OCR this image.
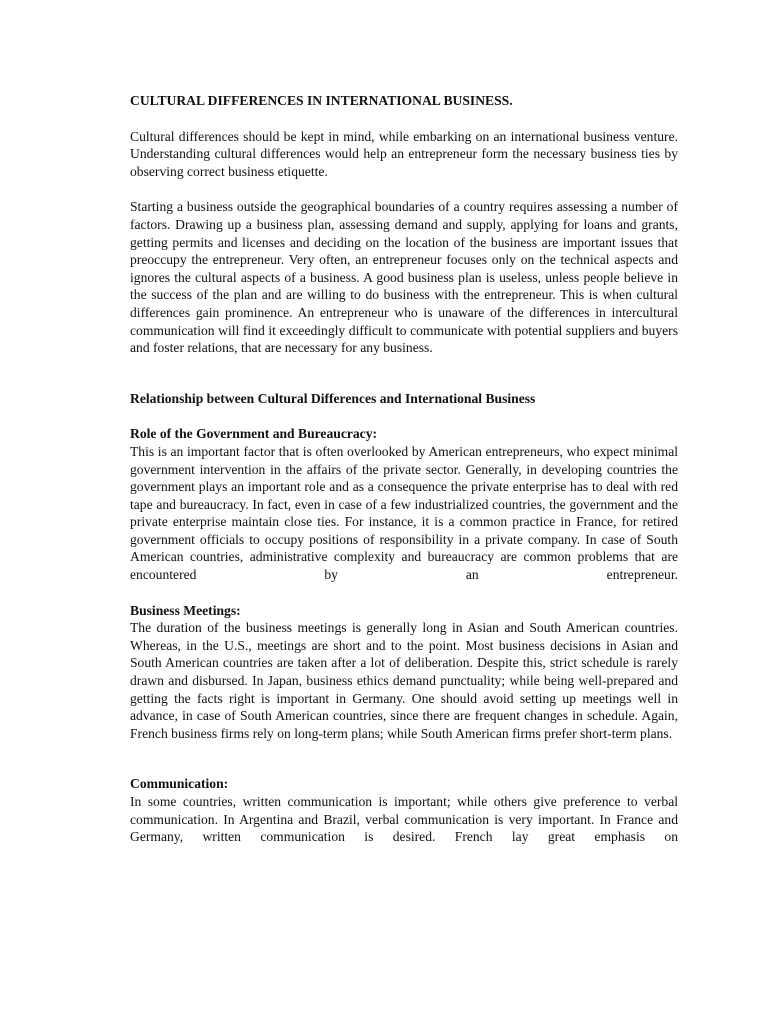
CULTURAL DIFFERENCES IN INTERNATIONAL BUSINESS.

Cultural differences should be kept in mind, while embarking on an international business venture. Understanding cultural differences would help an entrepreneur form the necessary business ties by observing correct business etiquette.

Starting a business outside the geographical boundaries of a country requires assessing a number of factors. Drawing up a business plan, assessing demand and supply, applying for loans and grants, getting permits and licenses and deciding on the location of the business are important issues that preoccupy the entrepreneur. Very often, an entrepreneur focuses only on the technical aspects and ignores the cultural aspects of a business. A good business plan is useless, unless people believe in the success of the plan and are willing to do business with the entrepreneur. This is when cultural differences gain prominence. An entrepreneur who is unaware of the differences in intercultural communication will find it exceedingly difficult to communicate with potential suppliers and buyers and foster relations, that are necessary for any business.

Relationship between Cultural Differences and International Business

Role of the Government and Bureaucracy:

This is an important factor that is often overlooked by American entrepreneurs, who expect minimal government intervention in the affairs of the private sector. Generally, in developing countries the government plays an important role and as a consequence the private enterprise has to deal with red tape and bureaucracy. In fact, even in case of a few industrialized countries, the government and the private enterprise maintain close ties. For instance, it is a common practice in France, for retired government officials to occupy positions of responsibility in a private company. In case of South American countries, administrative complexity and bureaucracy are common problems that are encountered by an entrepreneur.

Business Meetings:

The duration of the business meetings is generally long in Asian and South American countries. Whereas, in the U.S., meetings are short and to the point. Most business decisions in Asian and South American countries are taken after a lot of deliberation. Despite this, strict schedule is rarely drawn and disbursed. In Japan, business ethics demand punctuality; while being well-prepared and getting the facts right is important in Germany. One should avoid setting up meetings well in advance, in case of South American countries, since there are frequent changes in schedule. Again, French business firms rely on long-term plans; while South American firms prefer short-term plans.

Communication:

In some countries, written communication is important; while others give preference to verbal communication. In Argentina and Brazil, verbal communication is very important. In France and Germany, written communication is desired. French lay great emphasis on
